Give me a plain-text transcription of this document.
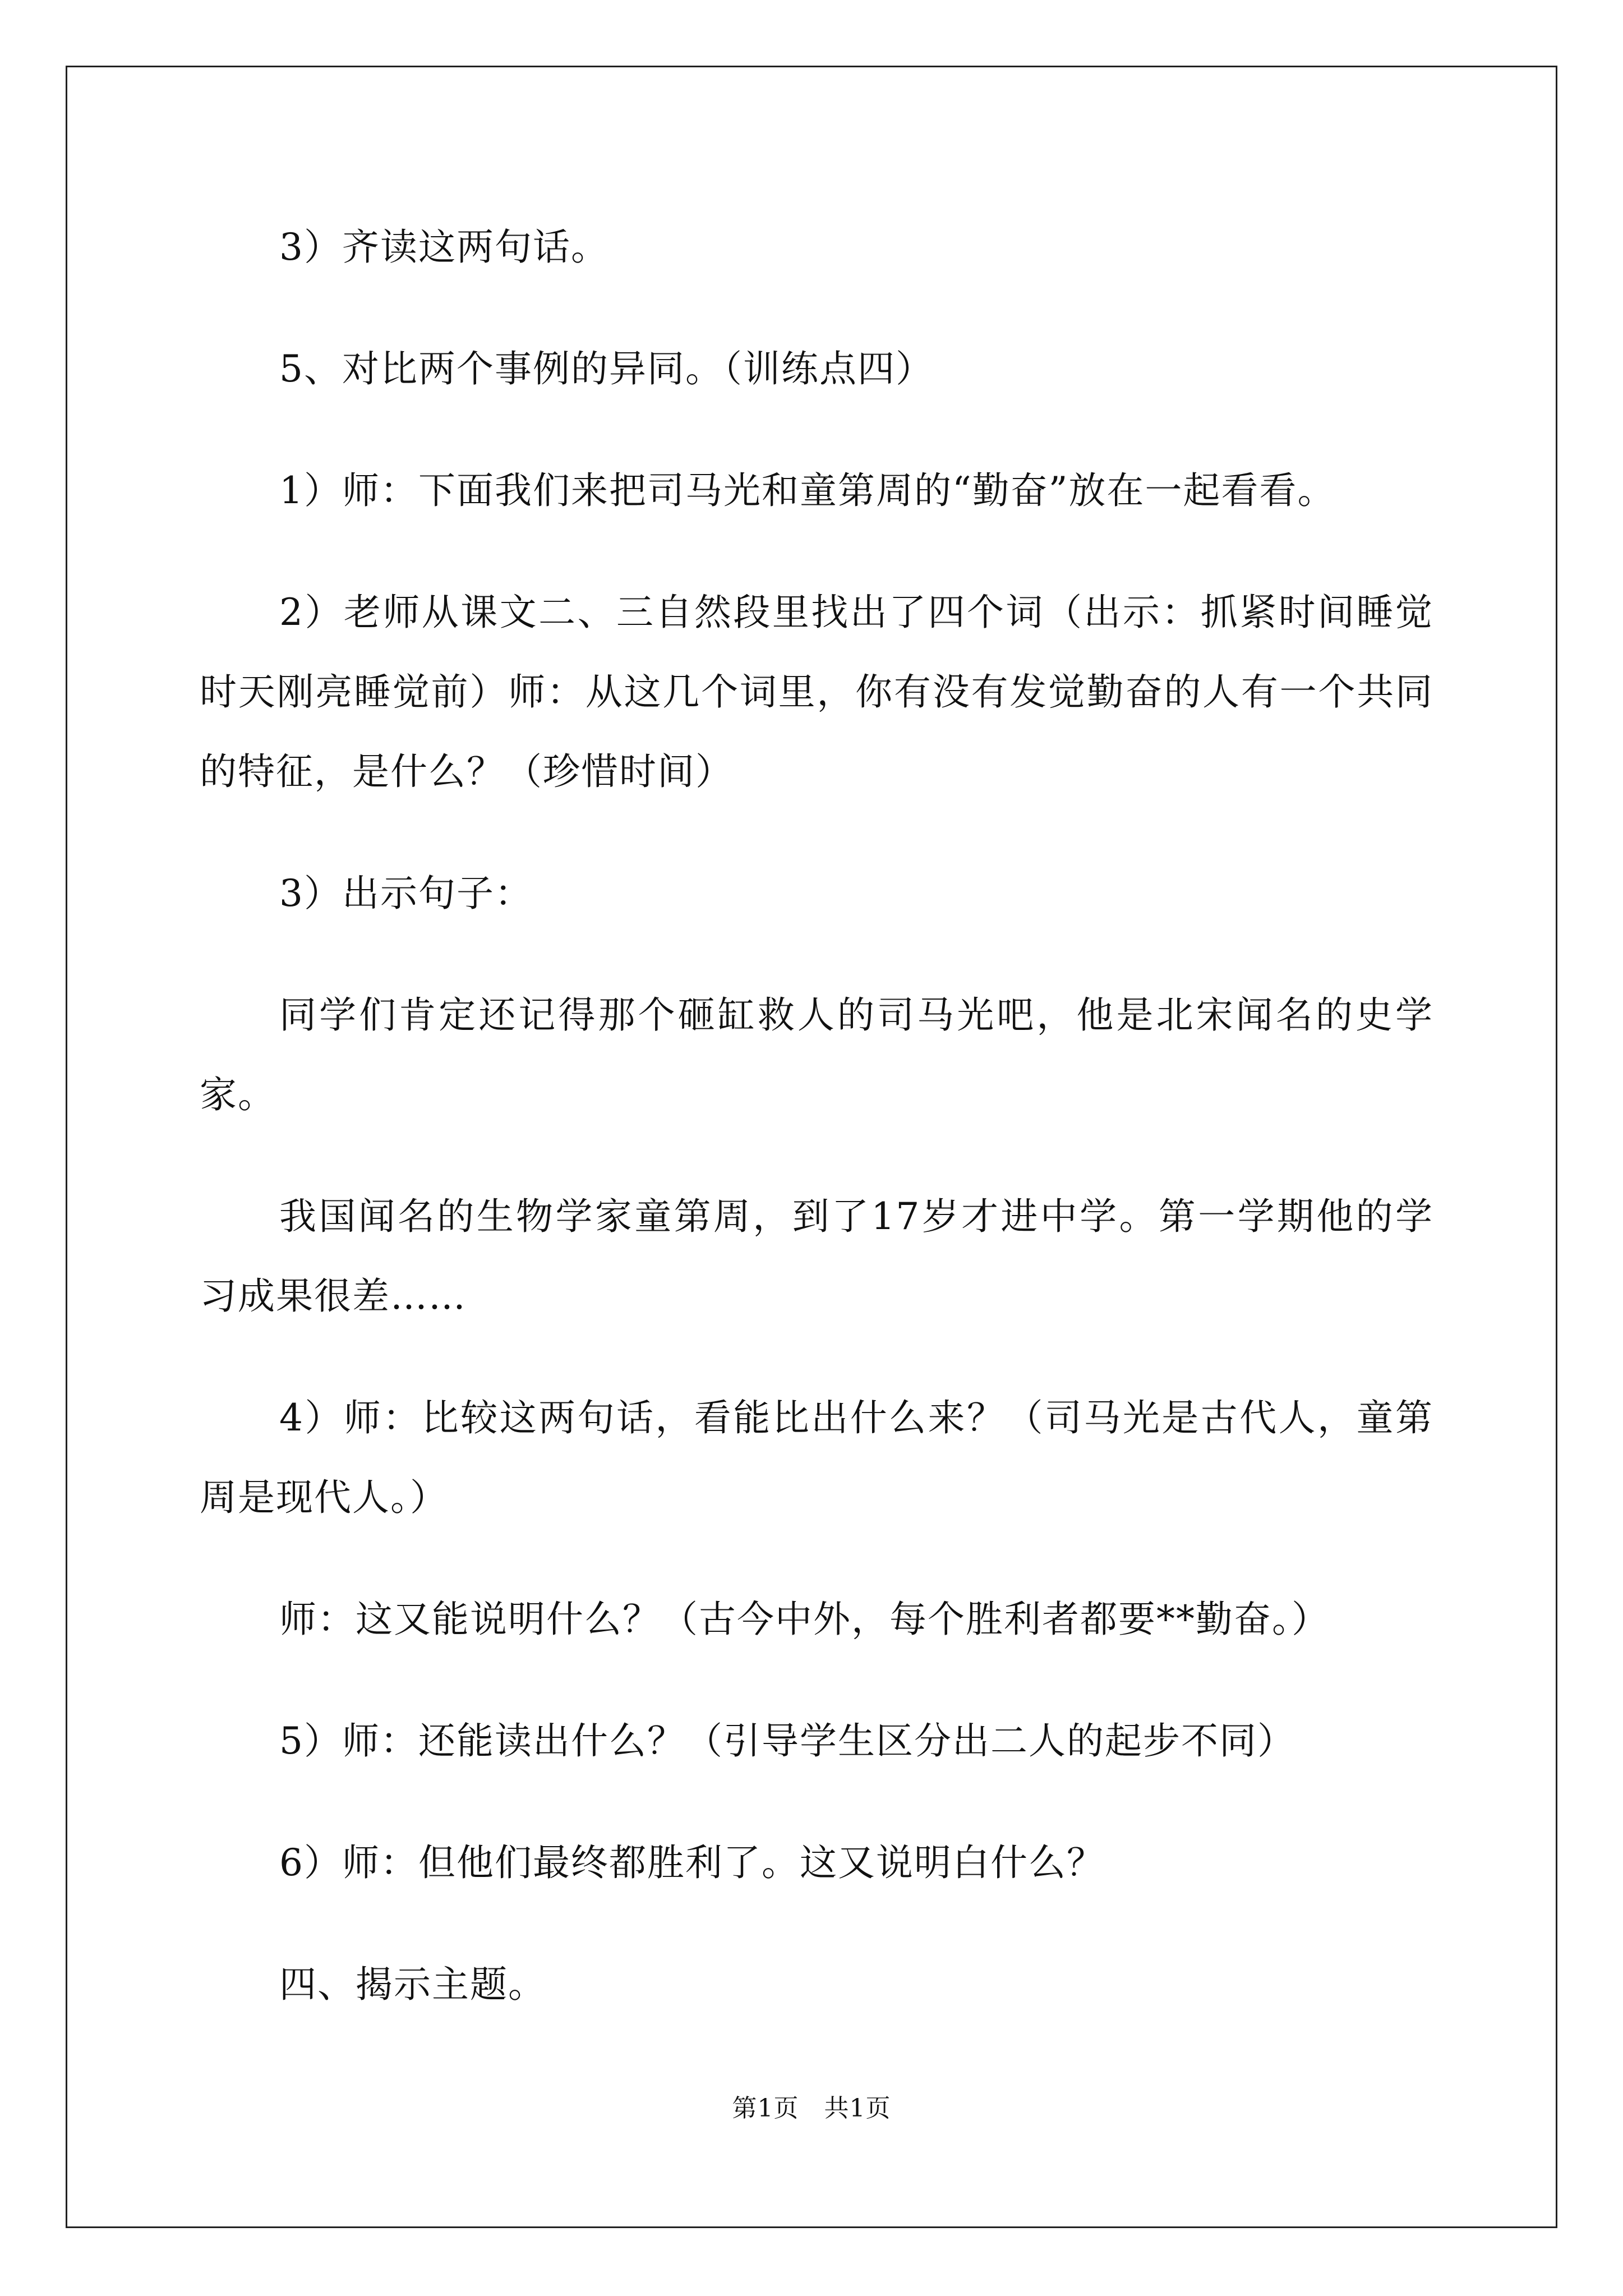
3）齐读这两句话。

5、对比两个事例的异同。（训练点四）

1）师：下面我们来把司马光和童第周的“勤奋”放在一起看看。

2）老师从课文二、三自然段里找出了四个词（出示：抓紧时间睡觉时天刚亮睡觉前）师：从这几个词里，你有没有发觉勤奋的人有一个共同的特征，是什么？（珍惜时间）

3）出示句子：

同学们肯定还记得那个砸缸救人的司马光吧，他是北宋闻名的史学家。

我国闻名的生物学家童第周，到了17岁才进中学。第一学期他的学习成果很差……

4）师：比较这两句话，看能比出什么来？（司马光是古代人，童第周是现代人。）

师：这又能说明什么？（古今中外，每个胜利者都要**勤奋。）

5）师：还能读出什么？（引导学生区分出二人的起步不同）

6）师：但他们最终都胜利了。这又说明白什么？

四、揭示主题。

第1页　共1页
